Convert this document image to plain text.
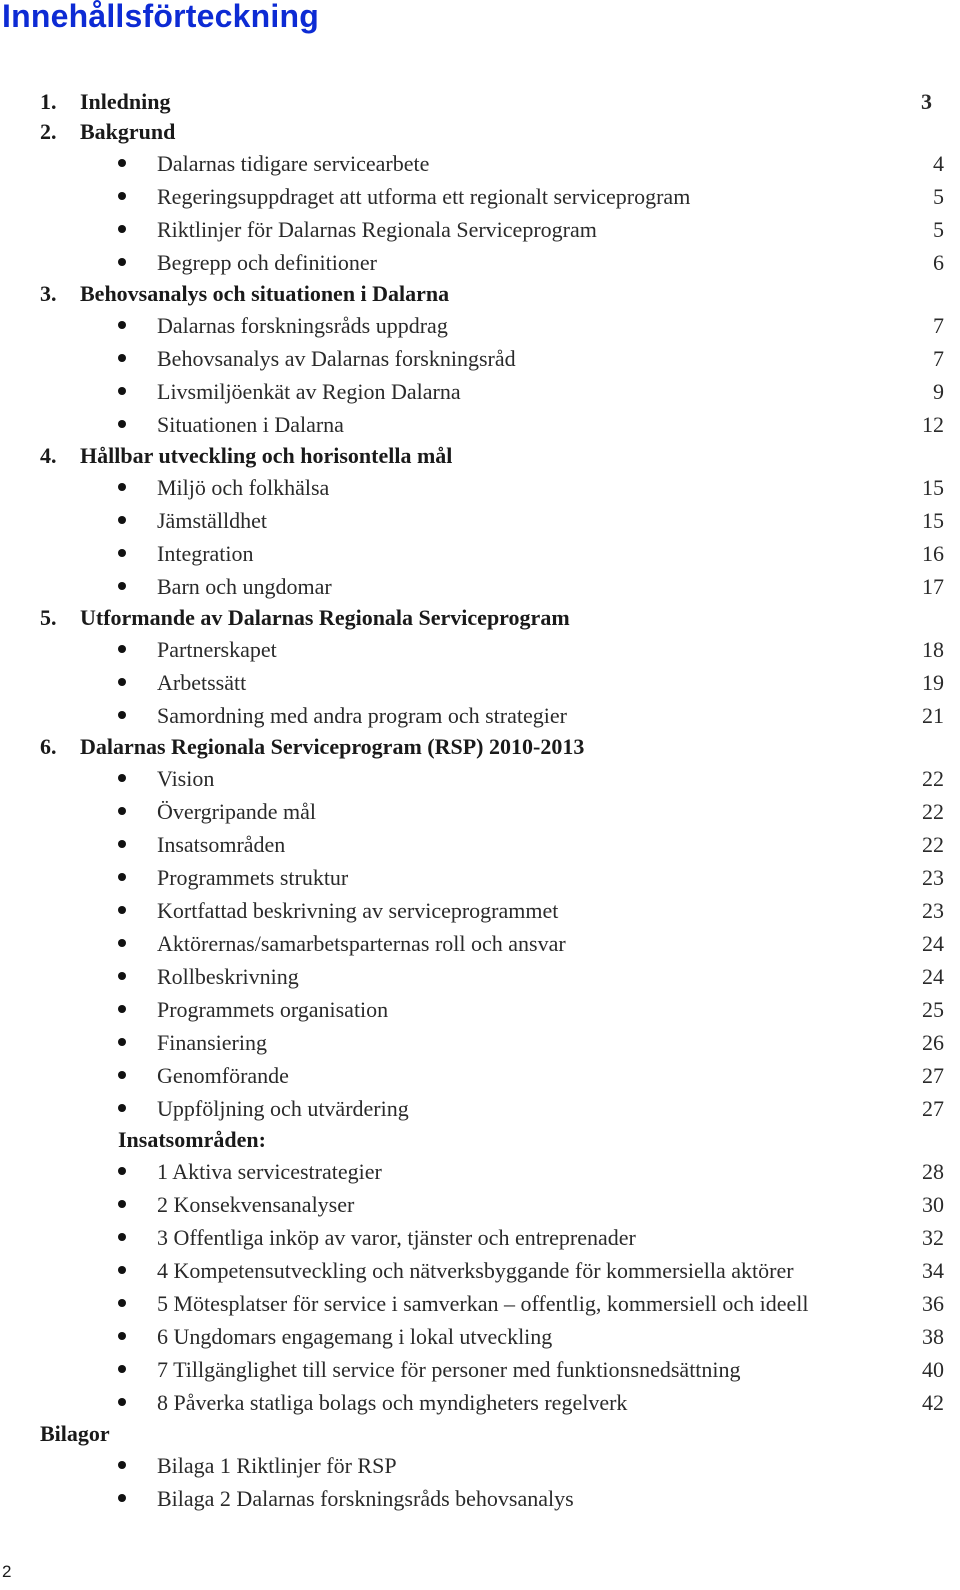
Innehållsförteckning
1. Inledning	3
2. Bakgrund
Dalarnas tidigare servicearbete	4
Regeringsuppdraget att utforma ett regionalt serviceprogram	5
Riktlinjer för Dalarnas Regionala Serviceprogram	5
Begrepp och definitioner	6
3. Behovsanalys och situationen i Dalarna
Dalarnas forskningsråds uppdrag	7
Behovsanalys av Dalarnas forskningsråd	7
Livsmiljöenkät av Region Dalarna	9
Situationen i Dalarna	12
4. Hållbar utveckling och horisontella mål
Miljö och folkhälsa	15
Jämställdhet	15
Integration	16
Barn och ungdomar	17
5. Utformande av Dalarnas Regionala Serviceprogram
Partnerskapet	18
Arbetssätt	19
Samordning med andra program och strategier	21
6. Dalarnas Regionala Serviceprogram (RSP) 2010-2013
Vision	22
Övergripande mål	22
Insatsområden	22
Programmets struktur	23
Kortfattad beskrivning av serviceprogrammet	23
Aktörernas/samarbetsparternas roll och ansvar	24
Rollbeskrivning	24
Programmets organisation	25
Finansiering	26
Genomförande	27
Uppföljning och utvärdering	27
Insatsområden:
1 Aktiva servicestrategier	28
2 Konsekvensanalyser	30
3 Offentliga inköp av varor, tjänster och entreprenader	32
4 Kompetensutveckling och nätverksbyggande för kommersiella aktörer	34
5 Mötesplatser för service i samverkan – offentlig, kommersiell och ideell	36
6 Ungdomars engagemang i lokal utveckling	38
7 Tillgänglighet till service för personer med funktionsnedsättning	40
8 Påverka statliga bolags och myndigheters regelverk	42
Bilagor
Bilaga 1 Riktlinjer för RSP
Bilaga 2 Dalarnas forskningsråds behovsanalys
2
